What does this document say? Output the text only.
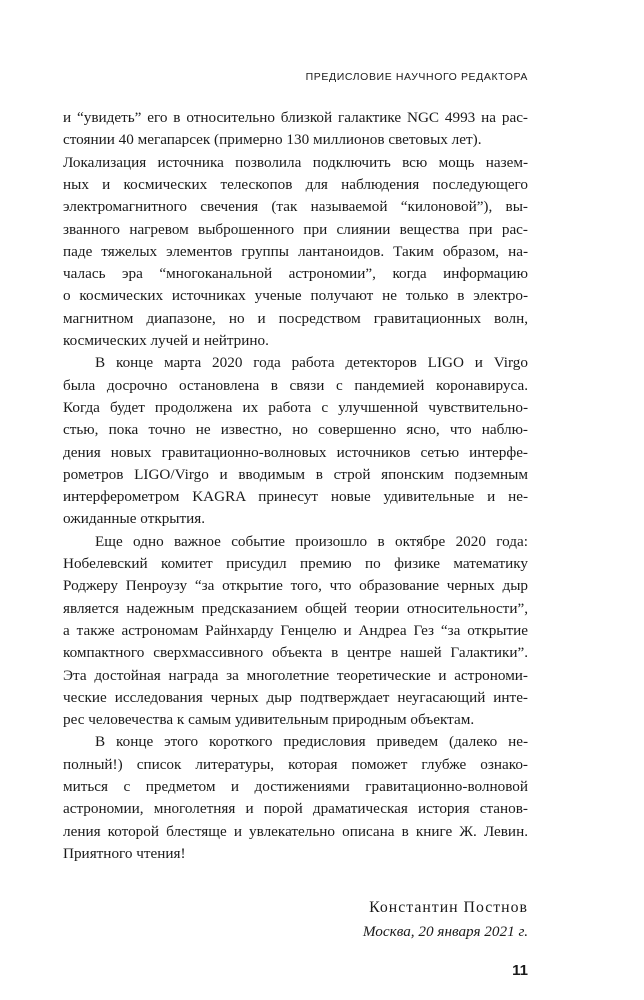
ПРЕДИСЛОВИЕ НАУЧНОГО РЕДАКТОРА
и “увидеть” его в относительно близкой галактике NGC 4993 на рас-
стоянии 40 мегапарсек (примерно 130 миллионов световых лет).
Локализация источника позволила подключить всю мощь назем-
ных и космических телескопов для наблюдения последующего
электромагнитного свечения (так называемой “килоновой”), вы-
званного нагревом выброшенного при слиянии вещества при рас-
паде тяжелых элементов группы лантаноидов. Таким образом, на-
чалась эра “многоканальной астрономии”, когда информацию
о космических источниках ученые получают не только в электро-
магнитном диапазоне, но и посредством гравитационных волн,
космических лучей и нейтрино.
В конце марта 2020 года работа детекторов LIGO и Virgo
была досрочно остановлена в связи с пандемией коронавируса.
Когда будет продолжена их работа с улучшенной чувствительно-
стью, пока точно не известно, но совершенно ясно, что наблю-
дения новых гравитационно-волновых источников сетью интерфе-
рометров LIGO/Virgo и вводимым в строй японским подземным
интерферометром KAGRA принесут новые удивительные и не-
ожиданные открытия.
Еще одно важное событие произошло в октябре 2020 года:
Нобелевский комитет присудил премию по физике математику
Роджеру Пенроузу “за открытие того, что образование черных дыр
является надежным предсказанием общей теории относительности”,
а также астрономам Райнхарду Генцелю и Андреа Гез “за открытие
компактного сверхмассивного объекта в центре нашей Галактики”.
Эта достойная награда за многолетние теоретические и астрономи-
ческие исследования черных дыр подтверждает неугасающий инте-
рес человечества к самым удивительным природным объектам.
В конце этого короткого предисловия приведем (далеко не-
полный!) список литературы, которая поможет глубже ознако-
миться с предметом и достижениями гравитационно-волновой
астрономии, многолетняя и порой драматическая история станов-
ления которой блестяще и увлекательно описана в книге Ж. Левин.
Приятного чтения!
Константин Постнов
Москва, 20 января 2021 г.
11
